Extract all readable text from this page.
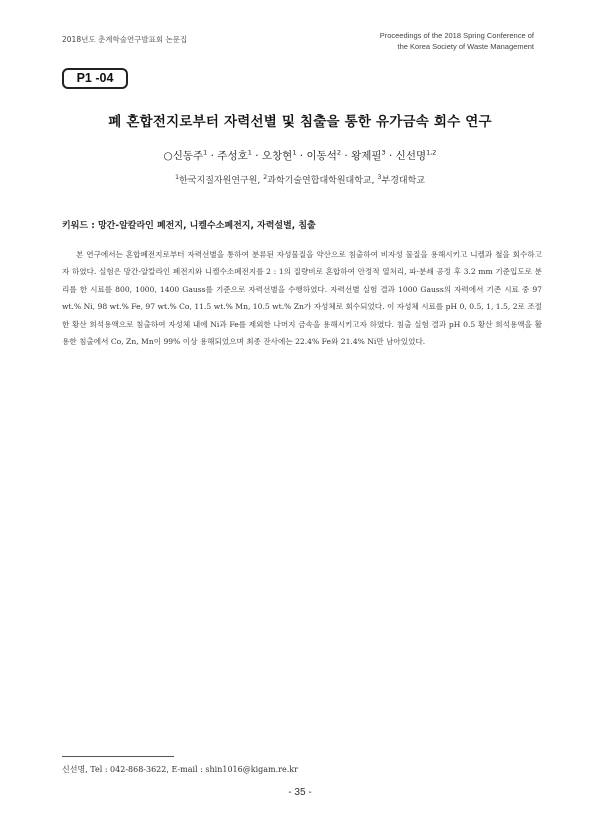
2018년도 춘계학술연구발표회 논문집	Proceedings of the 2018 Spring Conference of
the Korea Society of Waste Management
P1 -04
폐 혼합전지로부터 자력선별 및 침출을 통한 유가금속 회수 연구
○신동주$^1$ · 주성호$^1$ · 오창현$^1$ · 이동석$^2$ · 왕제필$^3$ · 신선명$^{1,2}$
$^1$한국지질자원연구원, $^2$과학기술연합대학원대학교, $^3$부경대학교
키워드 : 망간-알칼라인 폐전지, 니켈수소폐전지, 자력설별, 침출

본 연구에서는 혼합폐전지로부터 자력선별을 통하여 분류된 자성물질을 약산으로 침출하여 비자성 물질을 용해시키고 니켈과 철을 회수하고자 하였다. 실험은 망간-알칼라인 폐전지와 니켈수소폐전지를 2 : 1의 질량비로 혼합하여 안정적 열처리, 파·분쇄 공정 후 3.2 mm 기준입도로 분리를 한 시료를 800, 1000, 1400 Gauss를 기준으로 자력선별을 수행하였다. 자력선별 실험 결과 1000 Gauss의 자력에서 기존 시료 중 97 wt.% Ni, 98 wt.% Fe, 97 wt.% Co, 11.5 wt.% Mn, 10.5 wt.% Zn가 자성체로 회수되었다. 이 자성체 시료를 pH 0, 0.5, 1, 1.5, 2로 조절한 황산 희석용액으로 침출하여 자성체 내에 Ni과 Fe를 제외한 나머지 금속을 용해시키고자 하였다. 침출 실험 결과 pH 0.5 황산 희석용액을 활용한 침출에서 Co, Zn, Mn이 99% 이상 용해되었으며 최종 잔사에는 22.4% Fe와 21.4% Ni만 남아있었다.

신선명, Tel : 042-868-3622, E-mail : shin1016@kigam.re.kr
- 35 -
